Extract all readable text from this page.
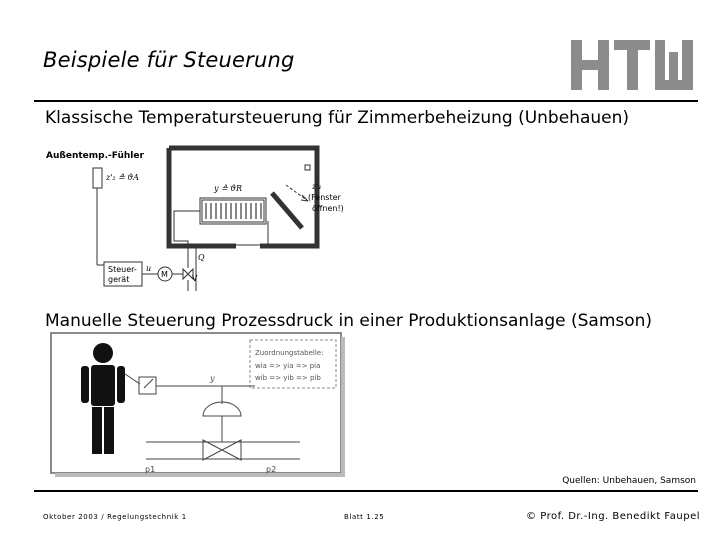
Beispiele für Steuerung
Klassische Temperatursteuerung für Zimmerbeheizung (Unbehauen)
Außentemp.-Fühler
z'₂ ≙ ϑA
y ≙ ϑR	z'₁
(Fenster
öffnen!)
Steuer-
gerät
u
M	V
Q
Manuelle Steuerung Prozessdruck in einer Produktionsanlage (Samson)
Zuordnungstabelle:
wia => yia => pia
wib => yib => pib
y
p1	p2
Quellen: Unbehauen, Samson
Oktober 2003 / Regelungstechnik 1	Blatt 1.25	© Prof. Dr.-Ing. Benedikt Faupel
